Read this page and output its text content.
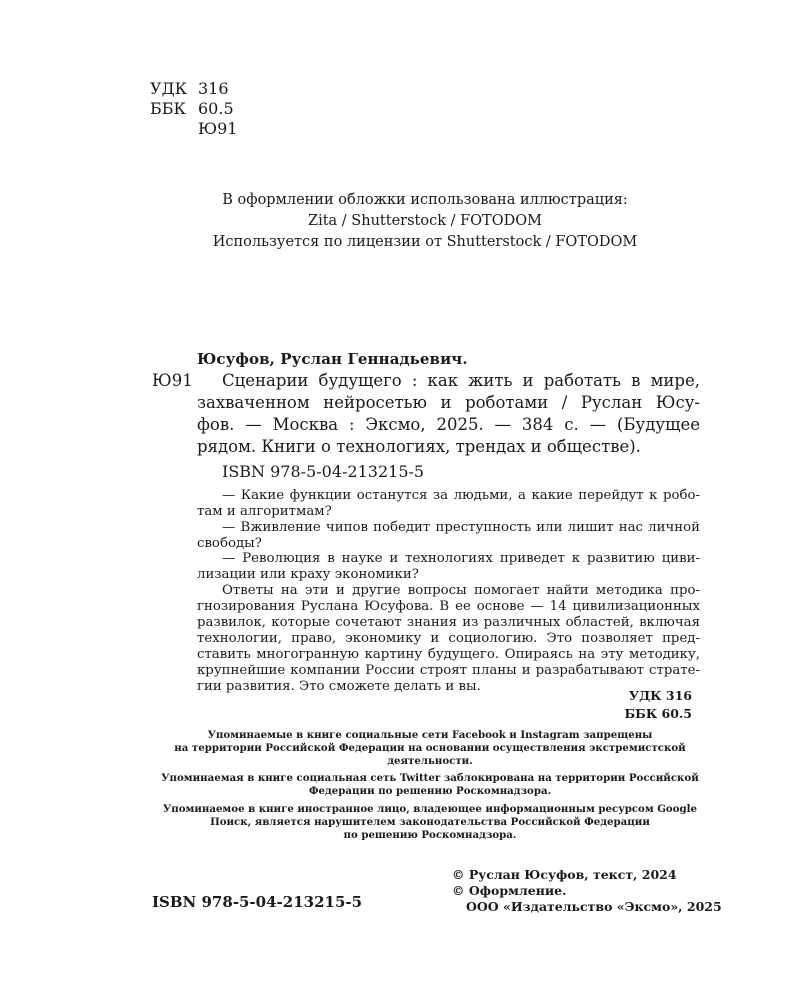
УДК 316
ББК 60.5
Ю91
В оформлении обложки использована иллюстрация:
Zita / Shutterstock / FOTODOM
Используется по лицензии от Shutterstock / FOTODOM
Юсуфов, Руслан Геннадьевич.
Ю91 Сценарии будущего : как жить и работать в мире,
захваченном нейросетью и роботами / Руслан Юсу-
фов. — Москва : Эксмо, 2025. — 384 с. — (Будущее
рядом. Книги о технологиях, трендах и обществе).
ISBN 978-5-04-213215-5
— Какие функции останутся за людьми, а какие перейдут к робо-
там и алгоритмам?
— Вживление чипов победит преступность или лишит нас личной
свободы?
— Революция в науке и технологиях приведет к развитию циви-
лизации или краху экономики?
Ответы на эти и другие вопросы помогает найти методика про-
гнозирования Руслана Юсуфова. В ее основе — 14 цивилизационных
развилок, которые сочетают знания из различных областей, включая
технологии, право, экономику и социологию. Это позволяет пред-
ставить многогранную картину будущего. Опираясь на эту методику,
крупнейшие компании России строят планы и разрабатывают страте-
гии развития. Это сможете делать и вы.
УДК 316
ББК 60.5
Упоминаемые в книге социальные сети Facebook и Instagram запрещены
на территории Российской Федерации на основании осуществления экстремистской
деятельности.
Упоминаемая в книге социальная сеть Twitter заблокирована на территории Российской
Федерации по решению Роскомнадзора.
Упоминаемое в книге иностранное лицо, владеющее информационным ресурсом Google
Поиск, является нарушителем законодательства Российской Федерации
по решению Роскомнадзора.
© Руслан Юсуфов, текст, 2024
© Оформление.
ООО «Издательство «Эксмо», 2025
ISBN 978-5-04-213215-5
